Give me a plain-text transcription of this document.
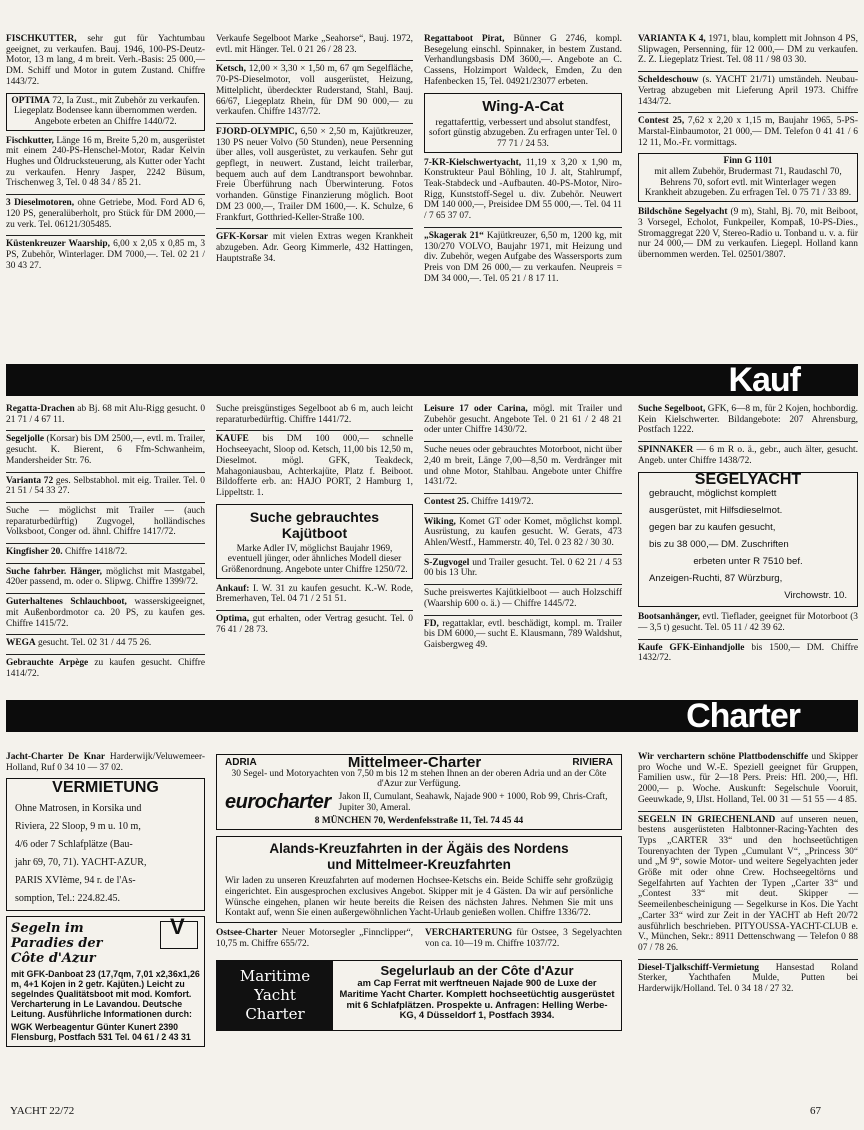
FISCHKUTTER, sehr gut für Yachtumbau geeignet, zu verkaufen. Bauj. 1946, 100-PS-Deutz-Motor, 13 m lang, 4 m breit. Verh.-Basis: 25 000,— DM. Schiff und Motor in gutem Zustand. Chiffre 1443/72.

OPTIMA 72, Ia Zust., mit Zubehör zu verkaufen. Liegeplatz Bodensee kann übernommen werden. Angebote erbeten an Chiffre 1440/72.

Fischkutter, Länge 16 m, Breite 5,20 m, ausgerüstet mit einem 240-PS-Henschel-Motor, Radar Kelvin Hughes und Öldrucksteuerung, als Kutter oder Yacht zu verkaufen. Henry Jasper, 2242 Büsum, Trischenweg 3, Tel. 0 48 34 / 85 21.

3 Dieselmotoren, ohne Getriebe, Mod. Ford AD 6, 120 PS, generalüberholt, pro Stück für DM 2000,— zu verk. Tel. 06121/305485.

Küstenkreuzer Waarship, 6,00 x 2,05 x 0,85 m, 3 PS, Zubehör, Winterlager. DM 7000,—. Tel. 02 21 / 30 43 27.

Verkaufe Segelboot Marke „Seahorse“, Bauj. 1972, evtl. mit Hänger. Tel. 0 21 26 / 28 23.

Ketsch, 12,00 × 3,30 × 1,50 m, 67 qm Segelfläche, 70-PS-Dieselmotor, voll ausgerüstet, Heizung, Mittelplicht, überdeckter Ruderstand, Stahl, Bauj. 66/67, Liegeplatz Rhein, für DM 90 000,— zu verkaufen. Chiffre 1437/72.

FJORD-OLYMPIC, 6,50 × 2,50 m, Kajütkreuzer, 130 PS neuer Volvo (50 Stunden), neue Persenning über alles, voll ausgerüstet, zu verkaufen. Sehr gut gepflegt, in neuwert. Zustand, leicht trailerbar, bequem auch auf dem Landtransport bewohnbar. Freie Überführung nach Überwinterung. Fotos vorhanden. Günstige Finanzierung möglich. Boot DM 23 000,—, Trailer DM 1600,—. K. Schulze, 6 Frankfurt, Gotthried-Keller-Straße 100.

GFK-Korsar mit vielen Extras wegen Krankheit abzugeben. Adr. Georg Kimmerle, 432 Hattingen, Hauptstraße 34.

Regattaboot Pirat, Bünner G 2746, kompl. Besegelung einschl. Spinnaker, in bestem Zustand. Verhandlungsbasis DM 3600,—. Angebote an C. Cassens, Holzimport Waldeck, Emden, Zu den Hafenbecken 15, Tel. 04921/23077 erbeten.

Wing-A-Cat
regattaferttig, verbessert und absolut standfest, sofort günstig abzugeben. Zu erfragen unter Tel. 0 77 71 / 24 53.

7-KR-Kielschwertyacht, 11,19 x 3,20 x 1,90 m, Konstrukteur Paul Böhling, 10 J. alt, Stahlrumpf, Teak-Stabdeck und -Aufbauten. 40-PS-Motor, Niro-Rigg, Kunststoff-Segel u. div. Zubehör. Neuwert DM 140 000,—, Preisidee DM 55 000,—. Tel. 04 11 / 7 65 37 07.

„Skagerak 21“ Kajütkreuzer, 6,50 m, 1200 kg, mit 130/270 VOLVO, Baujahr 1971, mit Heizung und div. Zubehör, wegen Aufgabe des Wassersports zum Preis von DM 26 000,— zu verkaufen. Neupreis = DM 34 000,—. Tel. 05 21 / 8 17 11.

VARIANTA K 4, 1971, blau, komplett mit Johnson 4 PS, Slipwagen, Persenning, für 12 000,— DM zu verkaufen. Z. Z. Liegeplatz Triest. Tel. 08 11 / 98 03 30.

Scheldeschouw (s. YACHT 21/71) umständeh. Neubau-Vertrag abzugeben mit Lieferung April 1973. Chiffre 1434/72.

Contest 25, 7,62 x 2,20 x 1,15 m, Baujahr 1965, 5-PS-Marstal-Einbaumotor, 21 000,— DM. Telefon 0 41 41 / 6 12 11, Mo.-Fr. vormittags.

Finn G 1101
mit allem Zubehör, Brudermast 71, Raudaschl 70, Behrens 70, sofort evtl. mit Winterlager wegen Krankheit abzugeben. Zu erfragen Tel. 0 75 71 / 33 89.

Bildschöne Segelyacht (9 m), Stahl, Bj. 70, mit Beiboot, 3 Vorsegel, Echolot, Funkpeiler, Kompaß, 10-PS-Dies., Stromaggregat 220 V, Stereo-Radio u. Tonband u. v. a. für nur 24 000,— DM zu verkaufen. Liegepl. Holland kann übernommen werden. Tel. 02501/3807.

Kauf

Regatta-Drachen ab Bj. 68 mit Alu-Rigg gesucht. 0 21 71 / 4 67 11.

Segeljolle (Korsar) bis DM 2500,—, evtl. m. Trailer, gesucht. K. Bierent, 6 Ffm-Schwanheim, Mandersheider Str. 76.

Varianta 72 ges. Selbstabhol. mit eig. Trailer. Tel. 0 21 51 / 54 33 27.

Suche — möglichst mit Trailer — (auch reparaturbedürftig) Zugvogel, holländisches Volksboot, Conger od. ähnl. Chiffre 1417/72.

Kingfisher 20. Chiffre 1418/72.

Suche fahrber. Hänger, möglichst mit Mastgabel, 420er passend, m. oder o. Slipwg. Chiffre 1399/72.

Guterhaltenes Schlauchboot, wasserskigeeignet, mit Außenbordmotor ca. 20 PS, zu kaufen ges. Chiffre 1415/72.

WEGA gesucht. Tel. 02 31 / 44 75 26.

Gebrauchte Arpège zu kaufen gesucht. Chiffre 1414/72.

Suche preisgünstiges Segelboot ab 6 m, auch leicht reparaturbedürftig. Chiffre 1441/72.

KAUFE bis DM 100 000,— schnelle Hochseeyacht, Sloop od. Ketsch, 11,00 bis 12,50 m, Dieselmot. mögl. GFK, Teakdeck, Mahagoniausbau, Achterkajüte, Platz f. Beiboot. Bildofferte erb. an: HAJO PORT, 2 Hamburg 1, Lippeltstr. 1.

Suche gebrauchtes Kajütboot
Marke Adler IV, möglichst Baujahr 1969, eventuell jünger, oder ähnliches Modell dieser Größenordnung. Angebote unter Chiffre 1250/72.

Ankauf: I. W. 31 zu kaufen gesucht. K.-W. Rode, Bremerhaven, Tel. 04 71 / 2 51 51.

Optima, gut erhalten, oder Vertrag gesucht. Tel. 0 76 41 / 28 73.

Leisure 17 oder Carina, mögl. mit Trailer und Zubehör gesucht. Angebote Tel. 0 21 61 / 2 48 21 oder unter Chiffre 1430/72.

Suche neues oder gebrauchtes Motorboot, nicht über 2,40 m breit, Länge 7,00—8,50 m. Verdränger mit und ohne Motor, Stahlbau. Angebote unter Chiffre 1431/72.

Contest 25. Chiffre 1419/72.

Wiking, Komet GT oder Komet, möglichst kompl. Ausrüstung, zu kaufen gesucht. W. Gerats, 473 Ahlen/Westf., Hammerstr. 40, Tel. 0 23 82 / 30 30.

S-Zugvogel und Trailer gesucht. Tel. 0 62 21 / 4 53 00 bis 13 Uhr.

Suche preiswertes Kajütkielboot — auch Holzschiff (Waarship 600 o. ä.) — Chiffre 1445/72.

FD, regattaklar, evtl. beschädigt, kompl. m. Trailer bis DM 6000,— sucht E. Klausmann, 789 Waldshut, Gaisbergweg 49.

Suche Segelboot, GFK, 6—8 m, für 2 Kojen, hochbordig. Kein Kielschwerter. Bildangebote: 207 Ahrensburg, Postfach 1222.

SPINNAKER — 6 m R o. ä., gebr., auch älter, gesucht. Angeb. unter Chiffre 1438/72.

SEGELYACHT
gebraucht, möglichst komplett
ausgerüstet, mit Hilfsdieselmot.
gegen bar zu kaufen gesucht,
bis zu 38 000,— DM. Zuschriften
erbeten unter R 7510 bef.
Anzeigen-Ruchti, 87 Würzburg,
Virchowstr. 10.

Bootsanhänger, evtl. Tieflader, geeignet für Motorboot (3 — 3,5 t) gesucht. Tel. 05 11 / 42 39 62.

Kaufe GFK-Einhandjolle bis 1500,— DM. Chiffre 1432/72.

Charter

Jacht-Charter De Knar Harderwijk/Veluwemeer-Holland, Ruf 0 34 10 — 37 02.

VERMIETUNG
Ohne Matrosen, in Korsika und
Riviera, 22 Sloop, 9 m u. 10 m,
4/6 oder 7 Schlafplätze (Bau-
jahr 69, 70, 71). YACHT-AZUR,
PARIS XVIème, 94 r. de l'As-
somption, Tel.: 224.82.45.
V
Segeln im
Paradies der
Côte d'Azur
mit GFK-Danboat 23 (17,7qm, 7,01 x2,36x1,26 m, 4+1 Kojen in 2 getr. Kajüten.) Leicht zu segelndes Qualitätsboot mit mod. Komfort. Vercharterung in Le Lavandou. Deutsche Leitung. Ausführliche Informationen durch:
WGK Werbeagentur Günter Kunert 2390 Flensburg, Postfach 531 Tel. 04 61 / 2 43 31
ADRIA	Mittelmeer-Charter	RIVIERA
30 Segel- und Motoryachten von 7,50 m bis 12 m stehen Ihnen an der oberen Adria und an der Côte d'Azur zur Verfügung.
eurocharter Jakon II, Cumulant, Seahawk, Najade 900 + 1000, Rob 99, Chris-Craft, Jupiter 30, Ameral.
8 MÜNCHEN 70, Werdenfelsstraße 11, Tel. 74 45 44
Alands-Kreuzfahrten in der Ägäis des Nordens
und Mittelmeer-Kreuzfahrten
Wir laden zu unseren Kreuzfahrten auf modernen Hochsee-Ketschs ein. Beide Schiffe sehr großzügig eingerichtet. Ein ausgesprochen exclusives Angebot. Skipper mit je 4 Gästen. Da wir auf persönliche Wünsche eingehen, planen wir heute bereits die Reisen des nächsten Jahres. Nehmen Sie mit uns Kontakt auf, wenn Sie einen außergewöhnlichen Yacht-Urlaub genießen wollen. Chiffre 1336/72.

Ostsee-Charter Neuer Motorsegler „Finnclipper“, 10,75 m. Chiffre 655/72.

VERCHARTERUNG für Ostsee, 3 Segelyachten von ca. 10—19 m. Chiffre 1037/72.

Maritime
Yacht
Charter
Segelurlaub an der Côte d'Azur
am Cap Ferrat mit werftneuen Najade 900 de Luxe der Maritime Yacht Charter. Komplett hochseetüchtig ausgerüstet mit 6 Schlafplätzen. Prospekte u. Anfragen: Helling Werbe-KG, 4 Düsseldorf 1, Postfach 3934.

Wir verchartern schöne Plattbodenschiffe und Skipper pro Woche und W.-E. Speziell geeignet für Gruppen, Familien usw., für 2—18 Pers. Preis: Hfl. 200,—, Hfl. 2000,— p. Woche. Auskunft: Segelschule Vooruit, Geeuwkade, 9, IJlst. Holland, Tel. 00 31 — 51 55 — 4 85.

SEGELN IN GRIECHENLAND auf unseren neuen, bestens ausgerüsteten Halbtonner-Racing-Yachten des Typs „CARTER 33“ und den hochseetüchtigen Tourenyachten der Typen „Cumulant V“, „Princess 30“ und „M 9“, sowie Motor- und weitere Segelyachten jeder Größe mit oder ohne Crew. Hochseegeltörns und Segelfahrten auf Yachten der Typen „Carter 33“ und „Contest 33“ mit deut. Skipper — Seemeilenbescheinigung — Segelkurse in Kos. Die Yacht „Carter 33“ wird zur Zeit in der YACHT ab Heft 20/72 ausführlich beschrieben. PITYOUSSA-YACHT-CLUB e. V., München, Sekr.: 8911 Dettenschwang — Telefon 0 88 07 / 78 26.

Diesel-Tjalkschiff-Vermietung Hansestad Roland Sterker, Yachthafen Mulde, Putten bei Harderwijk/Holland. Tel. 0 34 18 / 27 32.

YACHT 22/72	67
